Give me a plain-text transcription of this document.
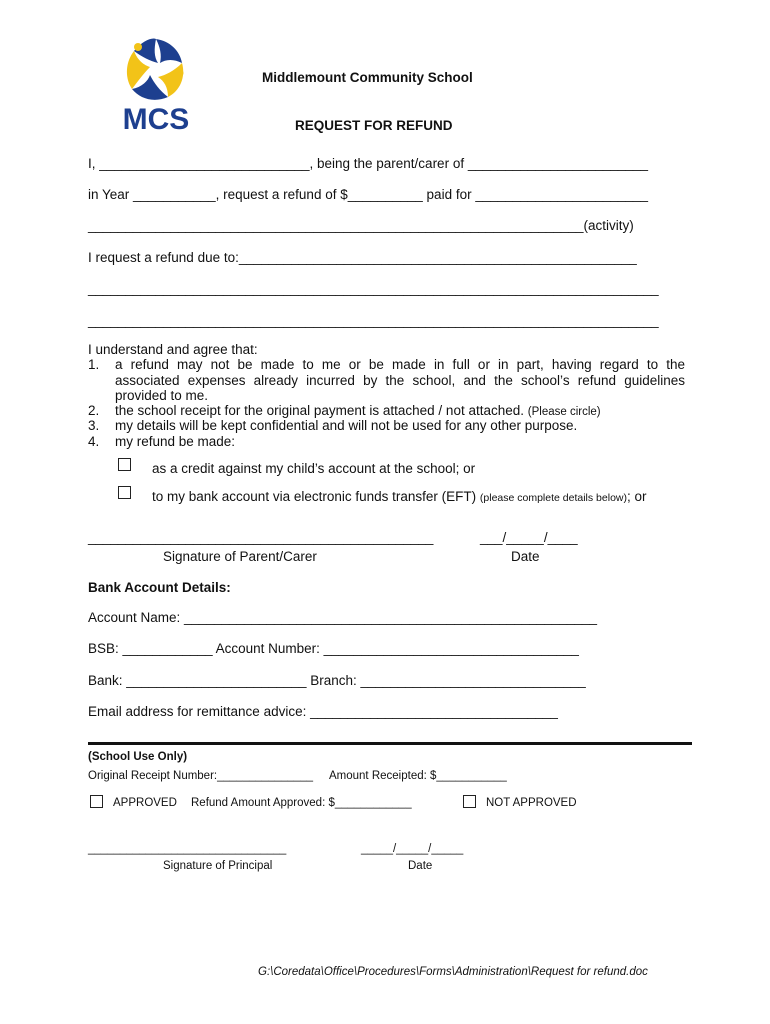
MCS
Middlemount Community School
REQUEST FOR REFUND
I, ____________________________, being the parent/carer of ________________________
in Year ___________, request a refund of $__________ paid for _______________________
__________________________________________________________________(activity)
I request a refund due to:_____________________________________________________
____________________________________________________________________________
____________________________________________________________________________
I understand and agree that:
1. a refund may not be made to me or be made in full or in part, having regard to the
associated expenses already incurred by the school, and the school’s refund guidelines
provided to me.
2. the school receipt for the original payment is attached / not attached. (Please circle)
3. my details will be kept confidential and will not be used for any other purpose.
4. my refund be made:
as a credit against my child’s account at the school; or
to my bank account via electronic funds transfer (EFT) (please complete details below); or
______________________________________________	___/_____/____
Signature of Parent/Carer	Date
Bank Account Details:
Account Name: _______________________________________________________
BSB: ____________ Account Number: __________________________________
Bank: ________________________ Branch: ______________________________
Email address for remittance advice: _________________________________
(School Use Only)
Original Receipt Number:_______________ Amount Receipted: $___________
APPROVED Refund Amount Approved: $____________	NOT APPROVED
_______________________________	_____/_____/_____
Signature of Principal	Date
G:\Coredata\Office\Procedures\Forms\Administration\Request for refund.doc
